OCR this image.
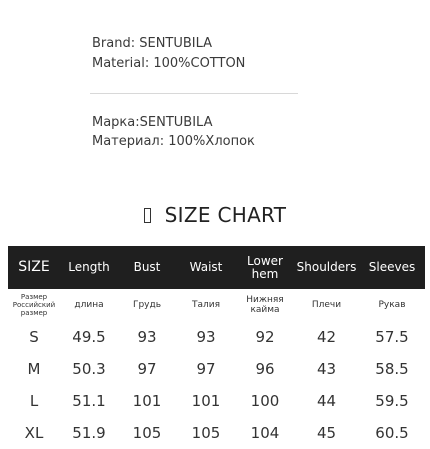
Brand: SENTUBILA
Material: 100%COTTON
Марка:SENTUBILA
Материал: 100%Хлопок
SIZE CHART
SIZE	Length	Bust	Waist	Lower hem	Shoulders	Sleeves
Размер Российский размер	длина	Грудь	Талия	Нижняя кайма	Плечи	Рукав
S	49.5	93	93	92	42	57.5
M	50.3	97	97	96	43	58.5
L	51.1	101	101	100	44	59.5
XL	51.9	105	105	104	45	60.5
